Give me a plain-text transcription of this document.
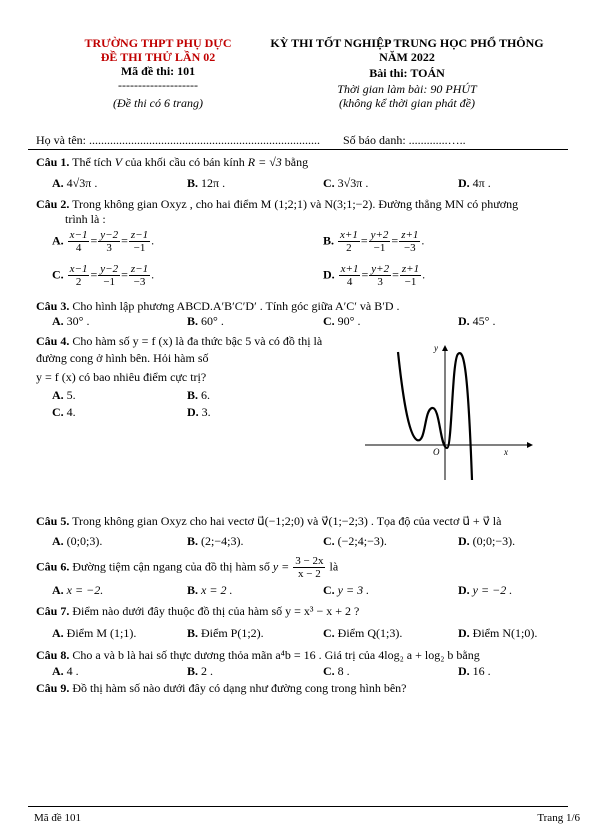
TRƯỜNG THPT PHỤ DỰC
ĐỀ THI THỬ LẦN 02
Mã đề thi: 101
--------------------
(Đề thi có 6 trang)
KỲ THI TỐT NGHIỆP TRUNG HỌC PHỔ THÔNG
NĂM 2022
Bài thi: TOÁN
Thời gian làm bài: 90 PHÚT
(không kể thời gian phát đề)
Họ và tên: ............................................................................. Số báo danh: .............…..
Câu 1. Thể tích V của khối cầu có bán kính R = √3 bằng
A. 4√3π .	B. 12π .	C. 3√3π .	D. 4π .
Câu 2. Trong không gian Oxyz , cho hai điểm M (1;2;1) và N(3;1;−2). Đường thẳng MN có phương
trình là :
A. $\frac{x-1}{4} = \frac{y-2}{3} = \frac{z-1}{-1}$ .	B. $\frac{x+1}{2} = \frac{y+2}{-1} = \frac{z+1}{-3}$ .
C. $\frac{x-1}{2} = \frac{y-2}{-1} = \frac{z-1}{-3}$ .	D. $\frac{x+1}{4} = \frac{y+2}{3} = \frac{z+1}{-1}$ .
Câu 3. Cho hình lập phương ABCD.A′B′C′D′ . Tính góc giữa A′C′ và B′D .
A. 30° .	B. 60° .	C. 90° .	D. 45° .
Câu 4. Cho hàm số y = f (x) là đa thức bậc 5 và có đồ thị là
đường cong ở hình bên. Hỏi hàm số
y = f (x) có bao nhiêu điểm cực trị?
A. 5.	B. 6.
C. 4.	D. 3.
y
x
O
Câu 5. Trong không gian Oxyz cho hai vectơ u⃗(−1;2;0) và v⃗(1;−2;3) . Tọa độ của vectơ u⃗ + v⃗ là
A. (0;0;3).	B. (2;−4;3).	C. (−2;4;−3).	D. (0;0;−3).
Câu 6. Đường tiệm cận ngang của đồ thị hàm số $y = \frac{3 - 2x}{x - 2}$ là
A. x = −2.	B. x = 2 .	C. y = 3 .	D. y = −2 .
Câu 7. Điểm nào dưới đây thuộc đồ thị của hàm số y = x³ − x + 2 ?
A. Điểm M (1;1).	B. Điểm P(1;2).	C. Điểm Q(1;3).	D. Điểm N(1;0).
Câu 8. Cho a và b là hai số thực dương thỏa mãn a⁴b = 16 . Giá trị của 4log₂ a + log₂ b bằng
A. 4 .	B. 2 .	C. 8 .	D. 16 .
Câu 9. Đồ thị hàm số nào dưới đây có dạng như đường cong trong hình bên?
Mã đề 101	Trang 1/6
